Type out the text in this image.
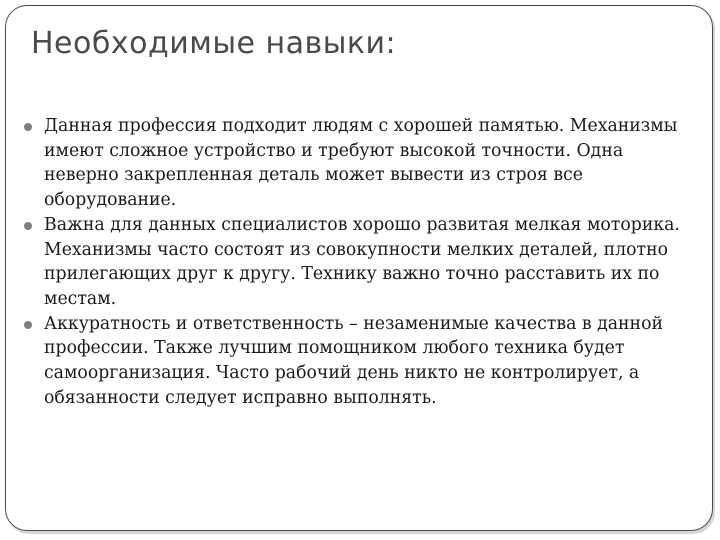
Необходимые навыки:
Данная профессия подходит людям с хорошей памятью. Механизмы имеют сложное устройство и требуют высокой точности. Одна неверно закрепленная деталь может вывести из строя все оборудование.
Важна для данных специалистов хорошо развитая мелкая моторика. Механизмы часто состоят из совокупности мелких деталей, плотно прилегающих друг к другу. Технику важно точно расставить их по местам.
Аккуратность и ответственность – незаменимые качества в данной профессии. Также лучшим помощником любого техника будет самоорганизация. Часто рабочий день никто не контролирует, а обязанности следует исправно выполнять.
